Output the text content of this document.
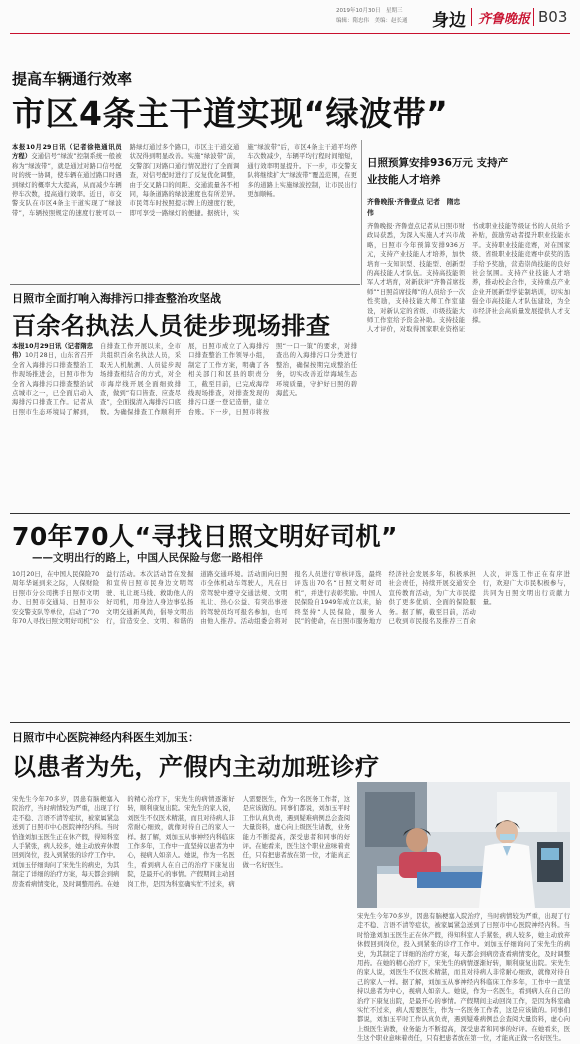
2019年10月30日　星期三
编辑：隋忠伟　美编：赵长通 身边 齐鲁晚报 B03
提高车辆通行效率
市区4条主干道实现“绿波带”
本报10月29日讯（记者徐艳通讯员　方程）交通信号“绿波”控制系统一般被称为“绿波带”，就是通过对路口信号配时的统一协调，使车辆在通过路口时遇到绿灯的概率大大提高，从而减少车辆停车次数，提高通行效率。近日，市交警支队在市区4条主干道实现了“绿波带”，车辆按照规定的速度行驶可以一路绿灯通过多个路口，市区主干道交通状况得到明显改善。实施“绿波带”前，交警部门对路口通行情况进行了全面调查，对信号配时进行了反复优化调整，由于交叉路口的间距、交通流量各不相同，每条道路的绿波速度也有所差异。市民驾车时按照提示牌上的速度行驶，即可享受一路绿灯的便捷。据统计，实施“绿波带”后，市区4条主干道平均停车次数减少，车辆平均行程时间缩短，通行效率明显提升。下一步，市交警支队将继续扩大“绿波带”覆盖范围，在更多的道路上实施绿波控制，让市民出行更加顺畅。
日照预算安排936万元 支持产业技能人才培养
齐鲁晚报·齐鲁壹点 记者　隋忠伟
齐鲁晚报·齐鲁壹点记者从日照市财政局获悉，为深入实施人才兴市战略，日照市今年预算安排936万元，支持产业技能人才培养，加快培育一支知识型、技能型、创新型的高技能人才队伍。支持高技能领军人才培育，对新获评“齐鲁首席技师”“日照首席技师”的人员给予一次性奖励，支持技能大师工作室建设，对新认定的省级、市级技能大师工作室给予资金补助。支持技能人才评价，对取得国家职业资格证书或职业技能等级证书的人员给予补贴，鼓励劳动者提升职业技能水平。支持职业技能竞赛，对在国家级、省级职业技能竞赛中获奖的选手给予奖励，营造崇尚技能的良好社会氛围。支持产业技能人才培养，推动校企合作，支持重点产业企业开展新型学徒制培训，切实加强全市高技能人才队伍建设，为全市经济社会高质量发展提供人才支撑。
日照市全面打响入海排污口排查整治攻坚战
百余名执法人员徒步现场排查
本报10月29日讯（记者隋忠伟）10月28日，山东省召开全省入海排污口排查整治工作现场推进会，日照市作为全省入海排污口排查整治试点城市之一，已全面启动入海排污口排查工作。记者从日照市生态环境局了解到，自排查工作开展以来，全市共组织百余名执法人员，采取无人机航测、人员徒步现场排查相结合的方式，对全市海岸线开展全面细致排查，做到“有口皆查、应查尽查”，全面摸清入海排污口底数。为确保排查工作顺利开展，日照市成立了入海排污口排查整治工作领导小组，制定了工作方案，明确了各相关部门和区县的职责分工，截至目前，已完成海岸线现场排查，对排查发现的排污口逐一登记造册，建立台账。下一步，日照市将按照“一口一策”的要求，对排查出的入海排污口分类进行整治，确保按期完成整治任务，切实改善近岸海域生态环境质量，守护好日照的碧海蓝天。
70年70人“寻找日照文明好司机”
——文明出行的路上，中国人民保险与您一路相伴
10月20日，在中国人民保险70周年华诞到来之际，人保财险日照市分公司携手日照市文明办、日照市交通局、日照市公安交警支队等单位，启动了“70年70人寻找日照文明好司机”公益行活动。本次活动旨在发掘和宣传日照市民身边文明驾驶、礼让斑马线、救助他人的好司机，用身边人身边事弘扬文明交通新风尚，倡导文明出行，营造安全、文明、和谐的道路交通环境。活动面向日照市全体机动车驾驶人，凡在日常驾驶中遵守交通法规、文明礼让、热心公益、有突出事迹的驾驶员均可报名参加，也可由他人推荐。活动组委会将对报名人员进行审核评选，最终评选出70名“日照文明好司机”，并进行表彰奖励。中国人民保险自1949年成立以来，始终坚持“人民保险，服务人民”的使命，在日照市服务地方经济社会发展多年，积极承担社会责任，持续开展交通安全宣传教育活动，为广大市民提供了更多优质、全面的保险服务。据了解，截至目前，活动已收到市民报名及推荐三百余人次，评选工作正在有序进行，欢迎广大市民积极参与，共同为日照文明出行贡献力量。
日照市中心医院神经内科医生刘加玉：
以患者为先，产假内主动加班诊疗
宋先生今年70多岁，因患有脑梗塞入院治疗，当时病情较为严重，出现了行走不稳、言语不清等症状，被家属紧急送到了日照市中心医院神经内科。当时恰逢刘加玉医生正在休产假，得知科室人手紧张，病人较多，她主动放弃休假回到岗位，投入到紧张的诊疗工作中。刘加玉仔细询问了宋先生的病史，为其制定了详细的治疗方案，每天都会到病房查看病情变化，及时调整用药。在她的精心治疗下，宋先生的病情逐渐好转，顺利康复出院。宋先生的家人说，刘医生不仅医术精湛，而且对待病人非常耐心细致，就像对待自己的家人一样。据了解，刘加玉从事神经内科临床工作多年，工作中一直坚持以患者为中心，视病人如亲人。她说，作为一名医生，看到病人在自己的治疗下康复出院，是最开心的事情。产假期间主动回岗工作，是因为科室确实忙不过来，病人需要医生，作为一名医务工作者，这是应该做的。同事们都说，刘加玉平时工作认真负责，遇到疑难病例总会查阅大量资料，虚心向上级医生请教，业务能力不断提高，深受患者和同事的好评。在她看来，医生这个职业意味着责任，只有把患者放在第一位，才能真正做一名好医生。
宋先生今年70多岁，因患有脑梗塞入院治疗，当时病情较为严重，出现了行走不稳、言语不清等症状，被家属紧急送到了日照市中心医院神经内科。当时恰逢刘加玉医生正在休产假，得知科室人手紧张，病人较多，她主动放弃休假回到岗位，投入到紧张的诊疗工作中。刘加玉仔细询问了宋先生的病史，为其制定了详细的治疗方案，每天都会到病房查看病情变化，及时调整用药。在她的精心治疗下，宋先生的病情逐渐好转，顺利康复出院。宋先生的家人说，刘医生不仅医术精湛，而且对待病人非常耐心细致，就像对待自己的家人一样。据了解，刘加玉从事神经内科临床工作多年，工作中一直坚持以患者为中心，视病人如亲人。她说，作为一名医生，看到病人在自己的治疗下康复出院，是最开心的事情。产假期间主动回岗工作，是因为科室确实忙不过来，病人需要医生，作为一名医务工作者，这是应该做的。同事们都说，刘加玉平时工作认真负责，遇到疑难病例总会查阅大量资料，虚心向上级医生请教，业务能力不断提高，深受患者和同事的好评。在她看来，医生这个职业意味着责任，只有把患者放在第一位，才能真正做一名好医生。
